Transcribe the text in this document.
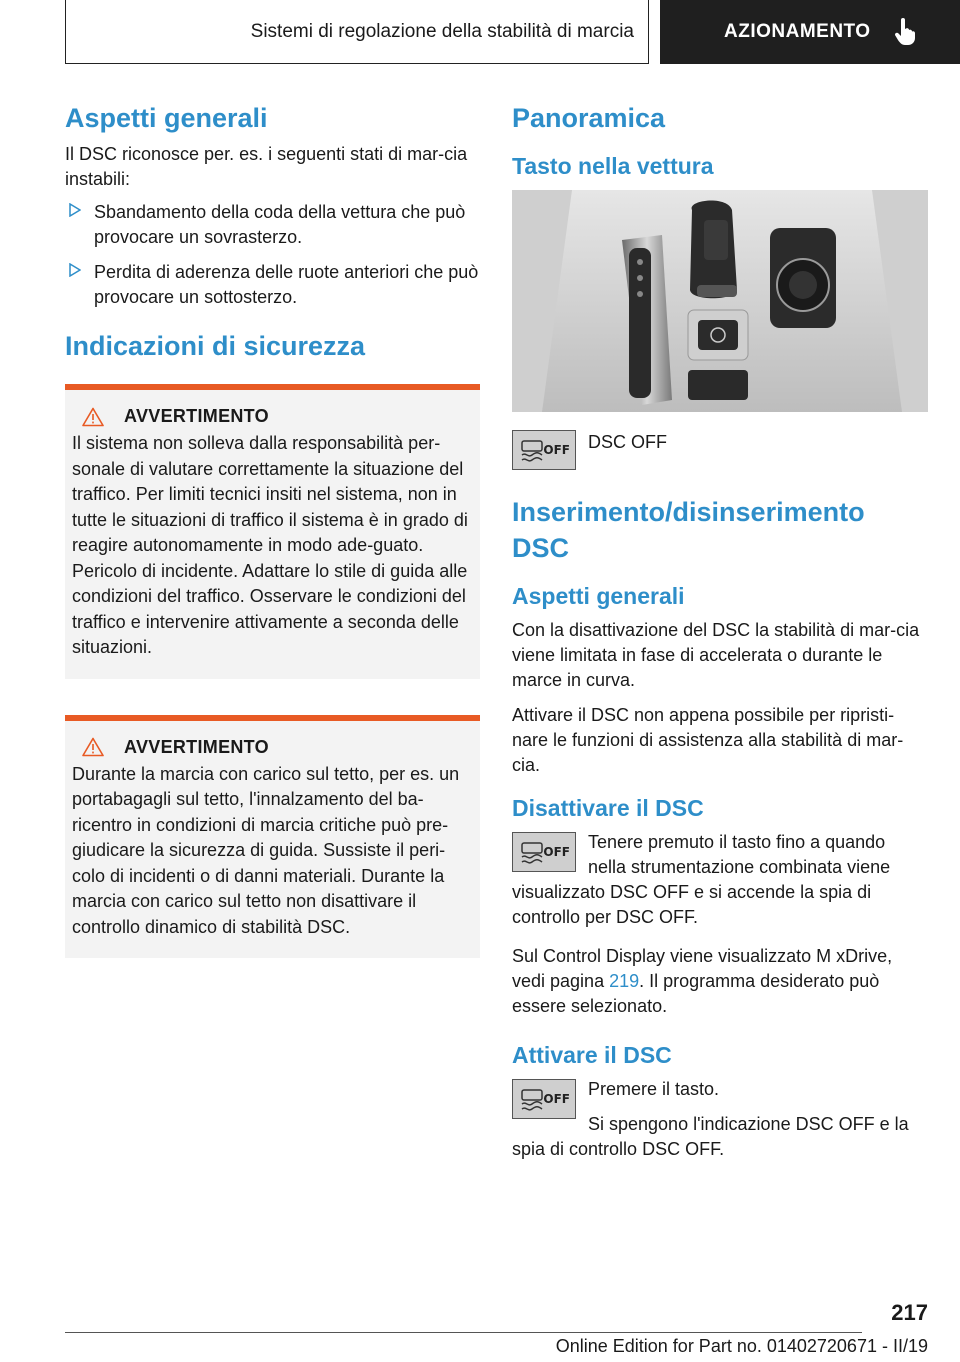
Sistemi di regolazione della stabilità di marcia	AZIONAMENTO
Aspetti generali

Il DSC riconosce per. es. i seguenti stati di mar-cia instabili:

Sbandamento della coda della vettura che può provocare un sovrasterzo.
Perdita di aderenza delle ruote anteriori che può provocare un sottosterzo.
Indicazioni di sicurezza
AVVERTIMENTO

Il sistema non solleva dalla responsabilità per-sonale di valutare correttamente la situazione del traffico. Per limiti tecnici insiti nel sistema, non in tutte le situazioni di traffico il sistema è in grado di reagire autonomamente in modo ade-guato. Pericolo di incidente. Adattare lo stile di guida alle condizioni del traffico. Osservare le condizioni del traffico e intervenire attivamente a seconda delle situazioni.

AVVERTIMENTO

Durante la marcia con carico sul tetto, per es. un portabagagli sul tetto, l'innalzamento del ba-ricentro in condizioni di marcia critiche può pre-giudicare la sicurezza di guida. Sussiste il peri-colo di incidenti o di danni materiali. Durante la marcia con carico sul tetto non disattivare il controllo dinamico di stabilità DSC.

Panoramica
Tasto nella vettura
OFF DSC OFF

Inserimento/disinserimento DSC
Aspetti generali

Con la disattivazione del DSC la stabilità di mar-cia viene limitata in fase di accelerata o durante le marce in curva.

Attivare il DSC non appena possibile per ripristi-nare le funzioni di assistenza alla stabilità di mar-cia.

Disattivare il DSC
OFF	Tenere premuto il tasto fino a quando nella strumentazione combinata viene visualizzato DSC OFF e si accende la spia di controllo per DSC OFF.

Sul Control Display viene visualizzato M xDrive, vedi pagina 219. Il programma desiderato può essere selezionato.

Attivare il DSC
OFF	Premere il tasto.

Si spengono l'indicazione DSC OFF e la spia di controllo DSC OFF.

217
Online Edition for Part no. 01402720671 - II/19
